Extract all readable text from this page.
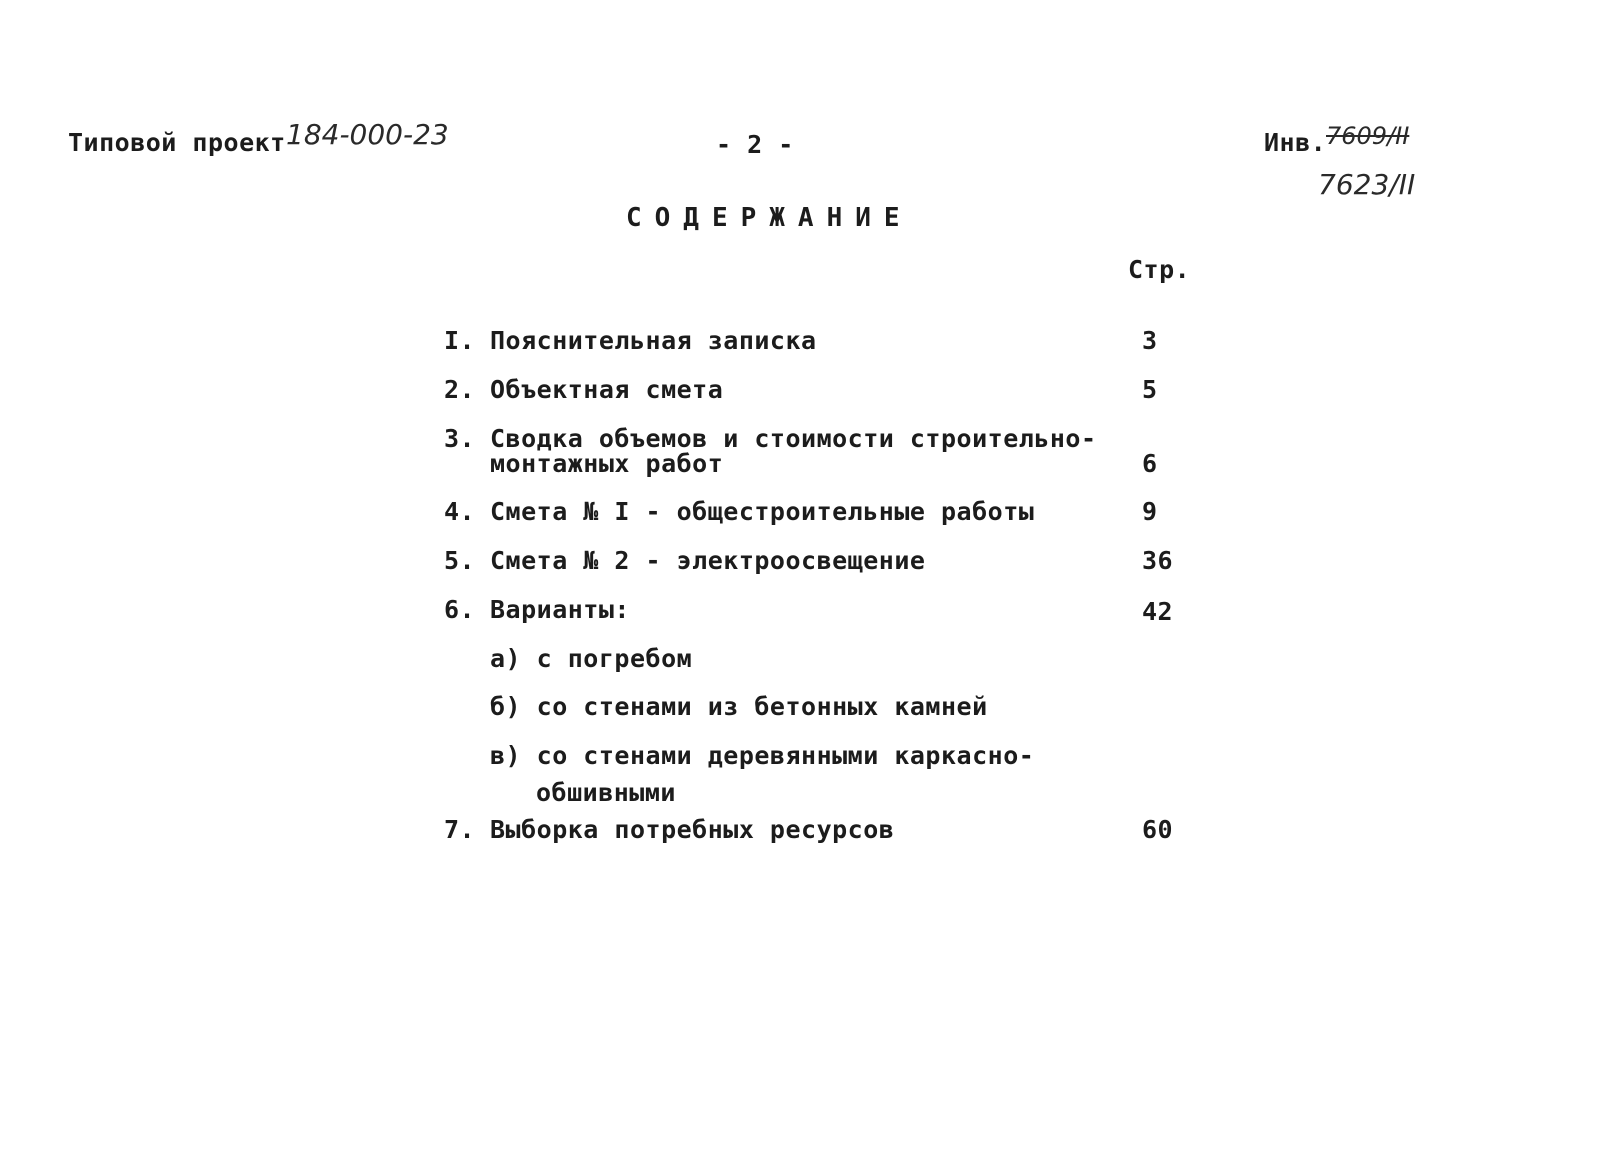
Типовой проект 184-000-23	- 2 -	Инв. 7609/II
7623/II
СОДЕРЖАНИЕ
Стр.
I. Пояснительная записка	3
2. Объектная смета	5
3. Сводка объемов и стоимости строительно-
монтажных работ	6
4. Смета № I - общестроительные работы	9
5. Смета № 2 - электроосвещение	36
6. Варианты:	42
а) с погребом
б) со стенами из бетонных камней
в) со стенами деревянными каркасно-
обшивными
7. Выборка потребных ресурсов	60
